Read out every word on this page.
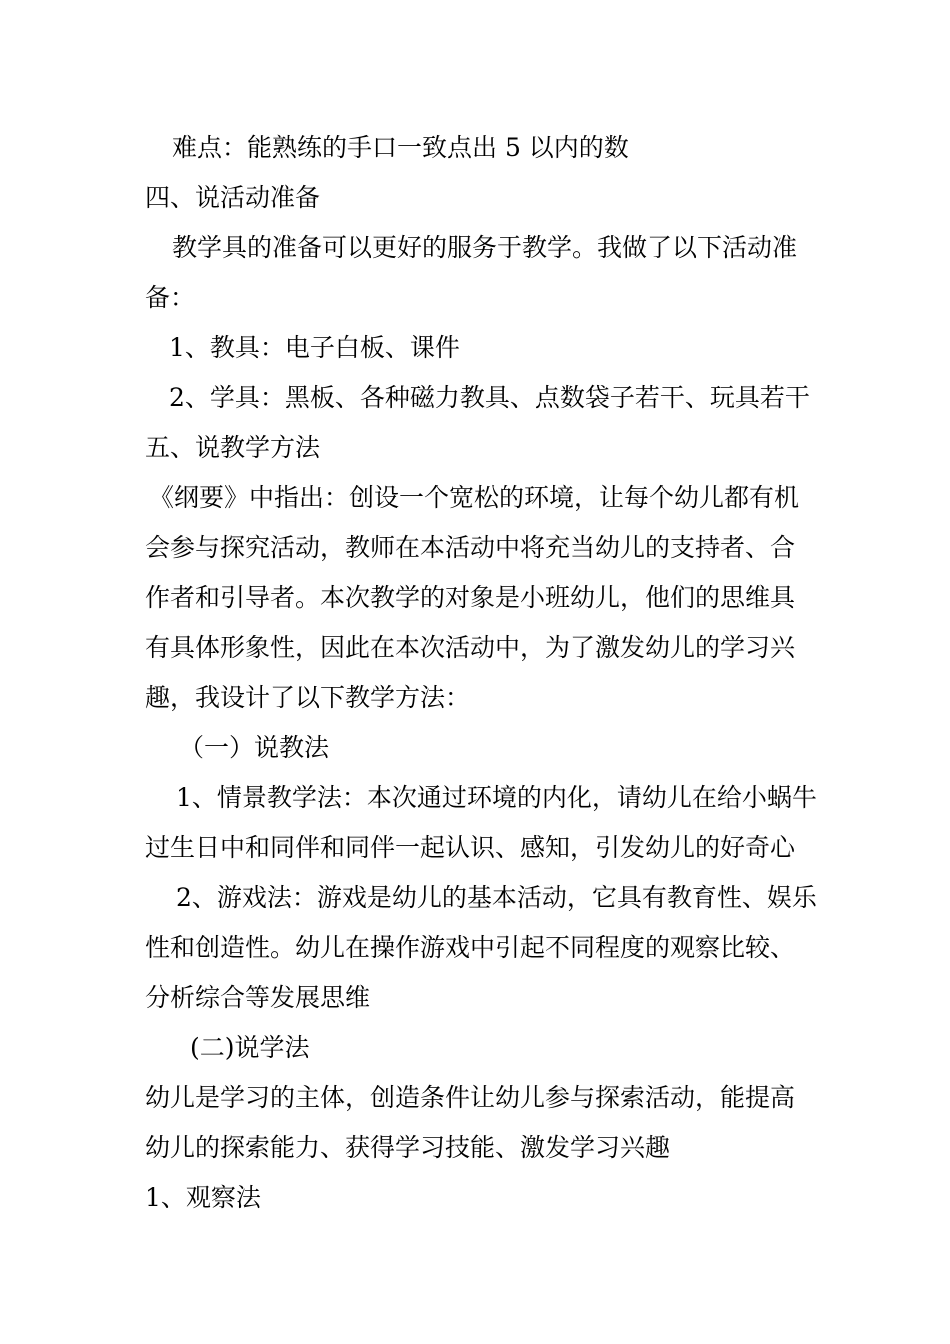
难点：能熟练的手口一致点出 5 以内的数
四、说活动准备
教学具的准备可以更好的服务于教学。我做了以下活动准
备：
1、教具：电子白板、课件
2、学具：黑板、各种磁力教具、点数袋子若干、玩具若干
五、说教学方法
《纲要》中指出：创设一个宽松的环境，让每个幼儿都有机
会参与探究活动，教师在本活动中将充当幼儿的支持者、合
作者和引导者。本次教学的对象是小班幼儿，他们的思维具
有具体形象性，因此在本次活动中，为了激发幼儿的学习兴
趣，我设计了以下教学方法：
（一）说教法
1、情景教学法：本次通过环境的内化，请幼儿在给小蜗牛
过生日中和同伴和同伴一起认识、感知，引发幼儿的好奇心
2、游戏法：游戏是幼儿的基本活动，它具有教育性、娱乐
性和创造性。幼儿在操作游戏中引起不同程度的观察比较、
分析综合等发展思维
(二)说学法
幼儿是学习的主体，创造条件让幼儿参与探索活动，能提高
幼儿的探索能力、获得学习技能、激发学习兴趣
1、观察法
